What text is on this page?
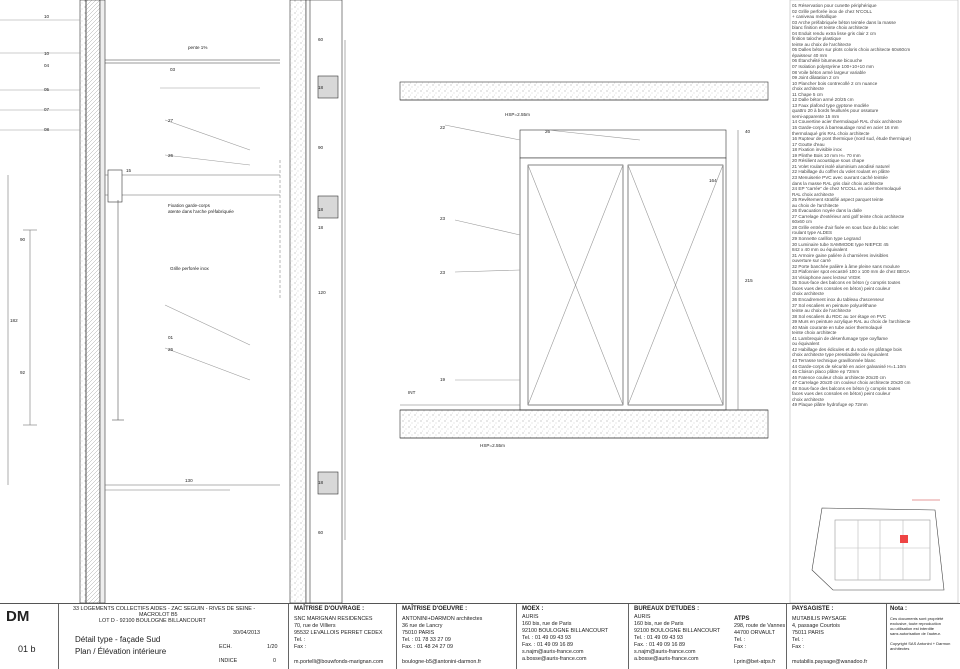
10
10
05
07
08
04
90
182
92
pente 1%
03
27
26
15
Fixation garde-corps
atente dans l'arche préfabriquée	18
Grille perforée inox
01
26
130
60
18
90
18
120
18
60
HSP=2.55m
22
26	40
164
23
23
215
19
INT
HSP=2.55m
01 Réservation pour cunette périphérique
02 Grille perforée inox de chez N'COLL
+ caniveau métallique
03 Arche préfabriquée béton teintée dans la masse
blanc finition et teinte choix architecte
04 Enduit rendu extra lisse gris clair 2 cm
finition taloche plastique
teinte au choix de l'architecte
05 Dalles béton sur plots coloris choix architecte 60x60cm
épaisseur 40 mm
06 Étanchéité bitumeuse bicouche
07 Isolation polystyrène 100+10+10 mm
08 Voile béton armé largeur variable
09 Joint dilatation 2 cm
10 Plancher bois contrecollé 2 cm nuance
choix architecte
11 Chape 5 cm
12 Dalle béton armé 20/25 cm
13 Faux plafond type gyptone modèle
quattro 20 à bords feuillurés pour ossature
semi-apparente 15 mm
14 Couvertine acier thermolaqué RAL choix architecte
15 Garde-corps à barreaudage rond en acier 16 mm
thermolaqué gris RAL choix architecte
16 Rupteur de pont thermique (nord sud, étude thermique)
17 Goutte d'eau
18 Fixation invisible inox
19 Plinthe Bois 10 mm H= 70 mm
20 Résilient acoustique sous chape
21 Volet roulant isolé aluminium anodisé naturel
22 Habillage du coffret du volet roulant en plâtre
23 Menuiserie PVC avec ouvrant caché teintée
dans la masse RAL gris clair choix architecte
24 EP "carrée" de chez N'COLL en acier thermolaqué
RAL choix architecte
25 Revêtement stratifié aspect parquet teinte
au choix de l'architecte
26 Évacuation noyée dans la dalle
27 Carrelage d'extérieur anti golf teinte choix architecte
60x60 cm
28 Grille entrée d'air fixée en sous face du bloc volet
roulant type ALDES
29 Sonnette carillon type Legrand
30 Luminaire tube SAMMODE type NIEPCE 45
842 x 40 mm ou équivalent
31 Armoire gaine palière à charnières invisibles
ouverture sur carré
32 Porte banchée palière à âme pleine sans moulure
33 Plafonnier spot encastré 100 x 100 mm de chez BEGA
34 Visiophone avec lecteur VIGIK
35 Sous-face des balcons en béton (y compris toutes
faces vues des consoles en béton) peint couleur
choix architecte
36 Encadrement inox du tableau d'ascenseur
37 Sol escaliers en peinture polyuréthane
teinte au choix de l'architecte
38 Sol escaliers du RDC au 1er étage en PVC
39 Murs en peinture acrylique RAL au choix de l'architecte
40 Main courante en tube acier thermolaqué
teinte choix architecte
41 Lambrequin de désenfumage type oxyflame
ou équivalent
42 Habillage des édicules et du socle en plâtrage bois
choix architecte type pressladelle ou équivalent
43 Terrasse technique gravillonnée blanc
44 Garde-corps de sécurité en acier galvanisé H=1.10m
45 Cloison placo plâtre ep 72mm
46 Faïence couleur choix architecte 20x20 cm
47 Carrelage 20x20 cm couleur choix architecte 20x20 cm
48 Sous-face des balcons en béton (y compris toutes
faces vues des consoles en béton) peint couleur
choix architecte
49 Plaque plâtre hydrofuge ep 72mm
DM
01 b
33 LOGEMENTS COLLECTIFS AIDES - ZAC SEGUIN - RIVES DE SEINE -
MACROLOT B5
LOT D - 92100 BOULOGNE BILLANCOURT
Détail type - façade Sud
Plan / Élévation intérieure
30/04/2013
ECH.	1/20
INDICE	0
MAÎTRISE D'OUVRAGE :
SNC MARIGNAN RESIDENCES
70, rue de Villiers
95532 LEVALLOIS PERRET CEDEX
Tel. :
Fax :
m.portelli@bouwfonds-marignan.com
MAÎTRISE D'OEUVRE :
ANTONINI+DARMON architectes
36 rue de Lancry
75010 PARIS
Tel. : 01 78 33 27 09
Fax. : 01 48 24 27 09
boulogne-b5@antonini-darmon.fr
MOEX :
AURIS
160 bis, rue de Paris
92100 BOULOGNE BILLANCOURT
Tel. : 01 49 09 43 93
Fax. : 01 49 09 16 89
s.najm@auris-france.com
a.bosse@auris-france.com
BUREAUX D'ETUDES :
AURIS
160 bis, rue de Paris
92100 BOULOGNE BILLANCOURT
Tel. : 01 49 09 43 93
Fax. : 01 49 09 16 89
s.najm@auris-france.com
a.bosse@auris-france.com
ATPS
298, route de Vannes
44700 ORVAULT
Tel. :
Fax :
l.prin@bet-atps.fr
PAYSAGISTE :
MUTABILIS PAYSAGE
4, passage Courtois
75011 PARIS
Tel. :
Fax :
mutabilis.paysage@wanadoo.fr
Nota :
Ces documents sont propriété
exclusive, toute reproduction
ou utilisation est interdite
sans autorisation de l'auteur.
Copyright SAS Antonini + Darmon
architectes
